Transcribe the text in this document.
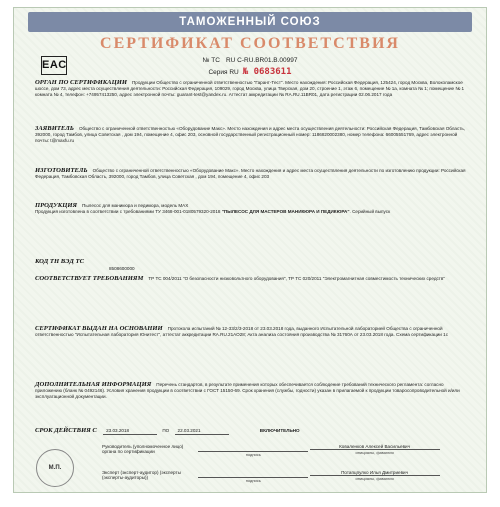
ТАМОЖЕННЫЙ СОЮЗ
СЕРТИФИКАТ СООТВЕТСТВИЯ
EAC	№ ТС RU C-RU.BR01.B.00997
Серия RU № 0683611
ОРГАН ПО СЕРТИФИКАЦИИ Продукции Общество с ограниченной ответственностью "Гарант-Тест". Место нахождения: Российская Федерация, 125424, город Москва, Волоколамское шоссе, дом 73, адрес места осуществления деятельности: Российская Федерация, 109029, город Москва, улица Тверская, дом 20, строение 1, этаж 6, помещение № 1а, комната № 1; помещение № 1 комната № 4, телефон: +74957413250, адрес электронной почты: guarant-test@yandex.ru. Аттестат аккредитации № RA.RU.11BR01, дата регистрации 02.06.2017 года
ЗАЯВИТЕЛЬ Общество с ограниченной ответственностью «Оборудование Макс». Место нахождения и адрес места осуществления деятельности: Российская Федерация, Тамбовская Область, 392000, город Тамбов, улица Советская , дом 194, помещение 4, офис 203, основной государственный регистрационный номер: 1186820002380, номер телефона: 66005551769, адрес электронной почты: t@maxfu.ru
ИЗГОТОВИТЕЛЬ Общество с ограниченной ответственностью «Оборудование Макс». Место нахождения и адрес места осуществления деятельности по изготовлению продукции: Российская Федерация, Тамбовская Область, 392000, город Тамбов, улица Советская , дом 194, помещение 4, офис 203
ПРОДУКЦИЯ Пылесос для маникюра и педикюра, модель MAX
Продукция изготовлена в соответствии с требованиями ТУ 3468-001-0180579320-2018 "ПЫЛЕСОС ДЛЯ МАСТЕРОВ МАНИКЮРА И ПЕДИКЮРА". Серийный выпуск
КОД ТН ВЭД ТС
8508600000
СООТВЕТСТВУЕТ ТРЕБОВАНИЯМ ТР ТС 004/2011 "О безопасности низковольтного оборудования", ТР ТС 020/2011 "Электромагнитная совместимость технических средств"
СЕРТИФИКАТ ВЫДАН НА ОСНОВАНИИ Протокола испытаний № 12-33/2/3-2018 от 23.03.2018 года, выданного Испытательной лабораторией Общества с ограниченной ответственностью "Испытательная лаборатория Юнитест", аттестат аккредитации RA.RU.21АО28; Акта анализа состояния производства № 31760А от 23.03.2018 года. Схема сертификации 1с
ДОПОЛНИТЕЛЬНАЯ ИНФОРМАЦИЯ Перечень стандартов, в результате применения которых обеспечивается соблюдение требований технического регламента: согласно приложению (бланк № 0492146). Условия хранения продукции в соответствии с ГОСТ 15150-69. Срок хранения (службы, годности) указан в прилагаемой к продукции товаросопроводительной и/или эксплуатационной документации.
СРОК ДЕЙСТВИЯ С 23.03.2018	ПО 22.03.2021	ВКЛЮЧИТЕЛЬНО
М.П.
Руководитель (уполномоченное лицо) органа по сертификации
подпись
Коваленков Алексей Васильевич
инициалы, фамилия
Эксперт (эксперт-аудитор) (эксперты (эксперты-аудиторы))
подпись
Потапцпулко Илья Дмитриевич
инициалы, фамилия
